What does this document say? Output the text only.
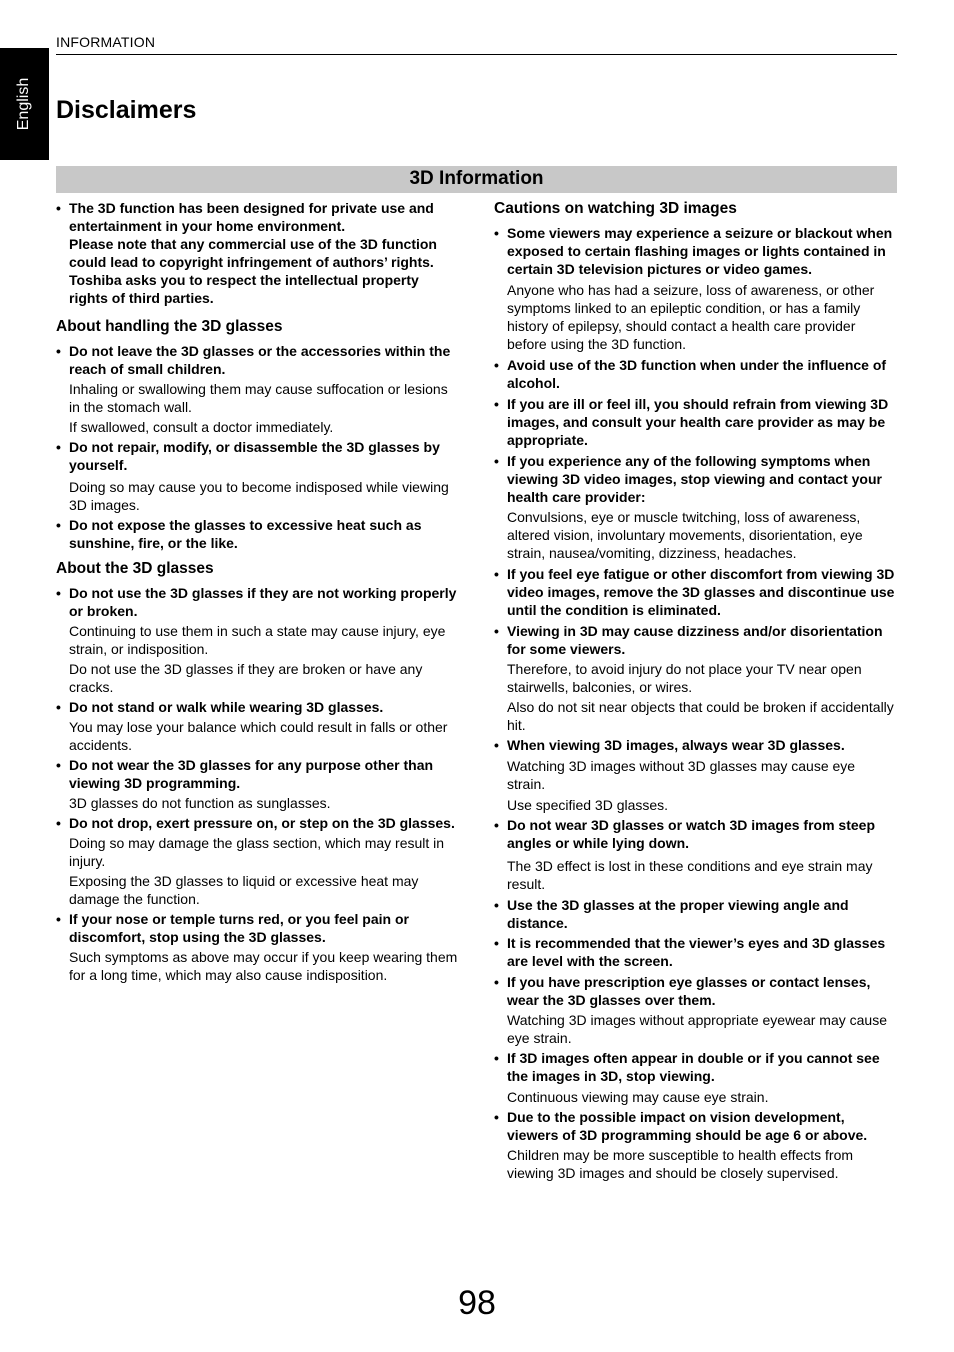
INFORMATION
English Disclaimers
3D Information
• The 3D function has been designed for private use and entertainment in your home environment.
Please note that any commercial use of the 3D function could lead to copyright infringement of authors’ rights. Toshiba asks you to respect the intellectual property rights of third parties.
About handling the 3D glasses
• Do not leave the 3D glasses or the accessories within the reach of small children.

Inhaling or swallowing them may cause suffocation or lesions in the stomach wall.

If swallowed, consult a doctor immediately.

• Do not repair, modify, or disassemble the 3D glasses by yourself.

Doing so may cause you to become indisposed while viewing 3D images.

• Do not expose the glasses to excessive heat such as sunshine, fire, or the like.
About the 3D glasses
• Do not use the 3D glasses if they are not working properly or broken.

Continuing to use them in such a state may cause injury, eye strain, or indisposition.

Do not use the 3D glasses if they are broken or have any cracks.

• Do not stand or walk while wearing 3D glasses.

You may lose your balance which could result in falls or other accidents.

• Do not wear the 3D glasses for any purpose other than viewing 3D programming.

3D glasses do not function as sunglasses.

• Do not drop, exert pressure on, or step on the 3D glasses.

Doing so may damage the glass section, which may result in injury.

Exposing the 3D glasses to liquid or excessive heat may damage the function.

• If your nose or temple turns red, or you feel pain or discomfort, stop using the 3D glasses.

Such symptoms as above may occur if you keep wearing them for a long time, which may also cause indisposition.

Cautions on watching 3D images
• Some viewers may experience a seizure or blackout when exposed to certain flashing images or lights contained in certain 3D television pictures or video games.

Anyone who has had a seizure, loss of awareness, or other symptoms linked to an epileptic condition, or has a family history of epilepsy, should contact a health care provider before using the 3D function.

• Avoid use of the 3D function when under the influence of alcohol.
• If you are ill or feel ill, you should refrain from viewing 3D images, and consult your health care provider as may be appropriate.
• If you experience any of the following symptoms when viewing 3D video images, stop viewing and contact your health care provider:

Convulsions, eye or muscle twitching, loss of awareness, altered vision, involuntary movements, disorientation, eye strain, nausea/vomiting, dizziness, headaches.

• If you feel eye fatigue or other discomfort from viewing 3D video images, remove the 3D glasses and discontinue use until the condition is eliminated.
• Viewing in 3D may cause dizziness and/or disorientation for some viewers.

Therefore, to avoid injury do not place your TV near open stairwells, balconies, or wires.

Also do not sit near objects that could be broken if accidentally hit.

• When viewing 3D images, always wear 3D glasses.

Watching 3D images without 3D glasses may cause eye strain.

Use specified 3D glasses.

• Do not wear 3D glasses or watch 3D images from steep angles or while lying down.

The 3D effect is lost in these conditions and eye strain may result.

• Use the 3D glasses at the proper viewing angle and distance.
• It is recommended that the viewer’s eyes and 3D glasses are level with the screen.
• If you have prescription eye glasses or contact lenses, wear the 3D glasses over them.

Watching 3D images without appropriate eyewear may cause eye strain.

• If 3D images often appear in double or if you cannot see the images in 3D, stop viewing.

Continuous viewing may cause eye strain.

• Due to the possible impact on vision development, viewers of 3D programming should be age 6 or above.

Children may be more susceptible to health effects from viewing 3D images and should be closely supervised.

98
